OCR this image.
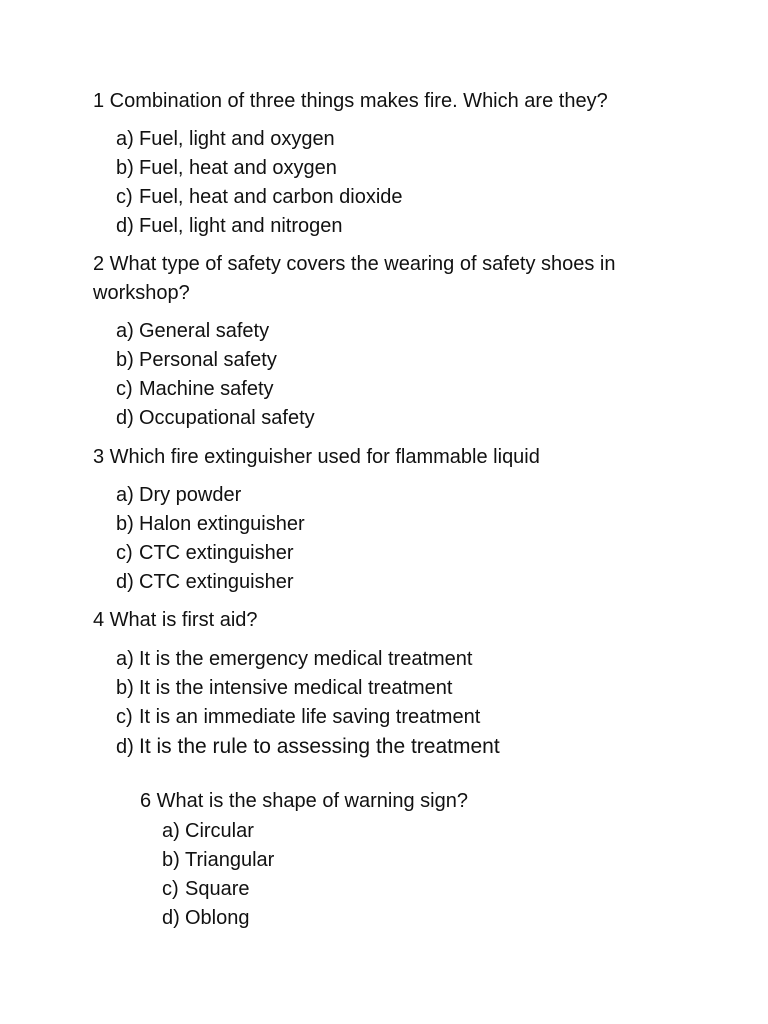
1 Combination of three things makes fire. Which are they?
a) Fuel, light and oxygen
b) Fuel, heat and oxygen
c) Fuel, heat and carbon dioxide
d) Fuel, light and nitrogen
2 What type of safety covers the wearing of safety shoes in workshop?
a) General safety
b) Personal safety
c) Machine safety
d) Occupational safety
3 Which fire extinguisher used for flammable liquid
a) Dry powder
b) Halon extinguisher
c) CTC extinguisher
d) CTC extinguisher
4 What is first aid?
a) It is the emergency medical treatment
b) It is the intensive medical treatment
c) It is an immediate life saving treatment
d) It is the rule to assessing the treatment
6 What is the shape of warning sign?
a) Circular
b) Triangular
c) Square
d) Oblong
